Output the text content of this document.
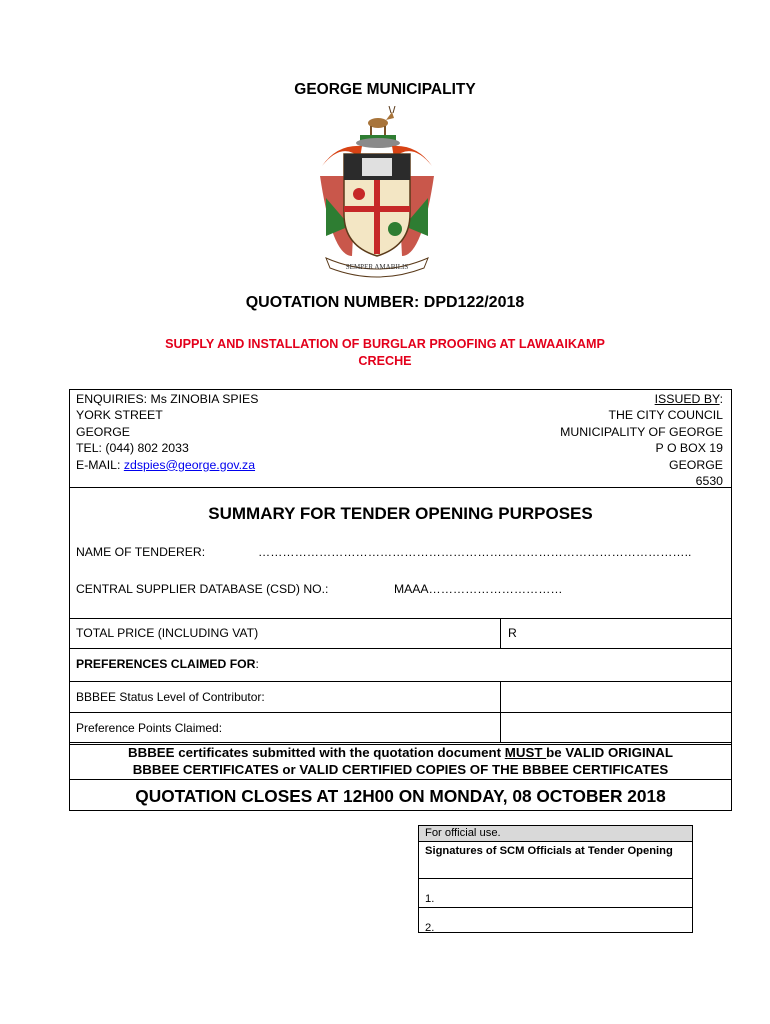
GEORGE MUNICIPALITY
SEMPER AMABILIS
QUOTATION NUMBER: DPD122/2018
SUPPLY AND INSTALLATION OF BURGLAR PROOFING AT LAWAAIKAMP
CRECHE
ENQUIRIES: Ms ZINOBIA SPIES
YORK STREET
GEORGE
TEL: (044) 802 2033
E-MAIL: zdspies@george.gov.za
ISSUED BY:
THE CITY COUNCIL
MUNICIPALITY OF GEORGE
P O BOX 19
GEORGE
6530
SUMMARY FOR TENDER OPENING PURPOSES
NAME OF TENDERER:	……………………………………………………………………………………………..
CENTRAL SUPPLIER DATABASE (CSD) NO.:	MAAA……………………………
TOTAL PRICE (INCLUDING VAT)	R
PREFERENCES CLAIMED FOR:
BBBEE Status Level of Contributor:
Preference Points Claimed:
BBBEE certificates submitted with the quotation document MUST be VALID ORIGINAL
BBBEE CERTIFICATES or VALID CERTIFIED COPIES OF THE BBBEE CERTIFICATES
QUOTATION CLOSES AT 12H00 ON MONDAY, 08 OCTOBER 2018
For official use.
Signatures of SCM Officials at Tender Opening
1.
2.
